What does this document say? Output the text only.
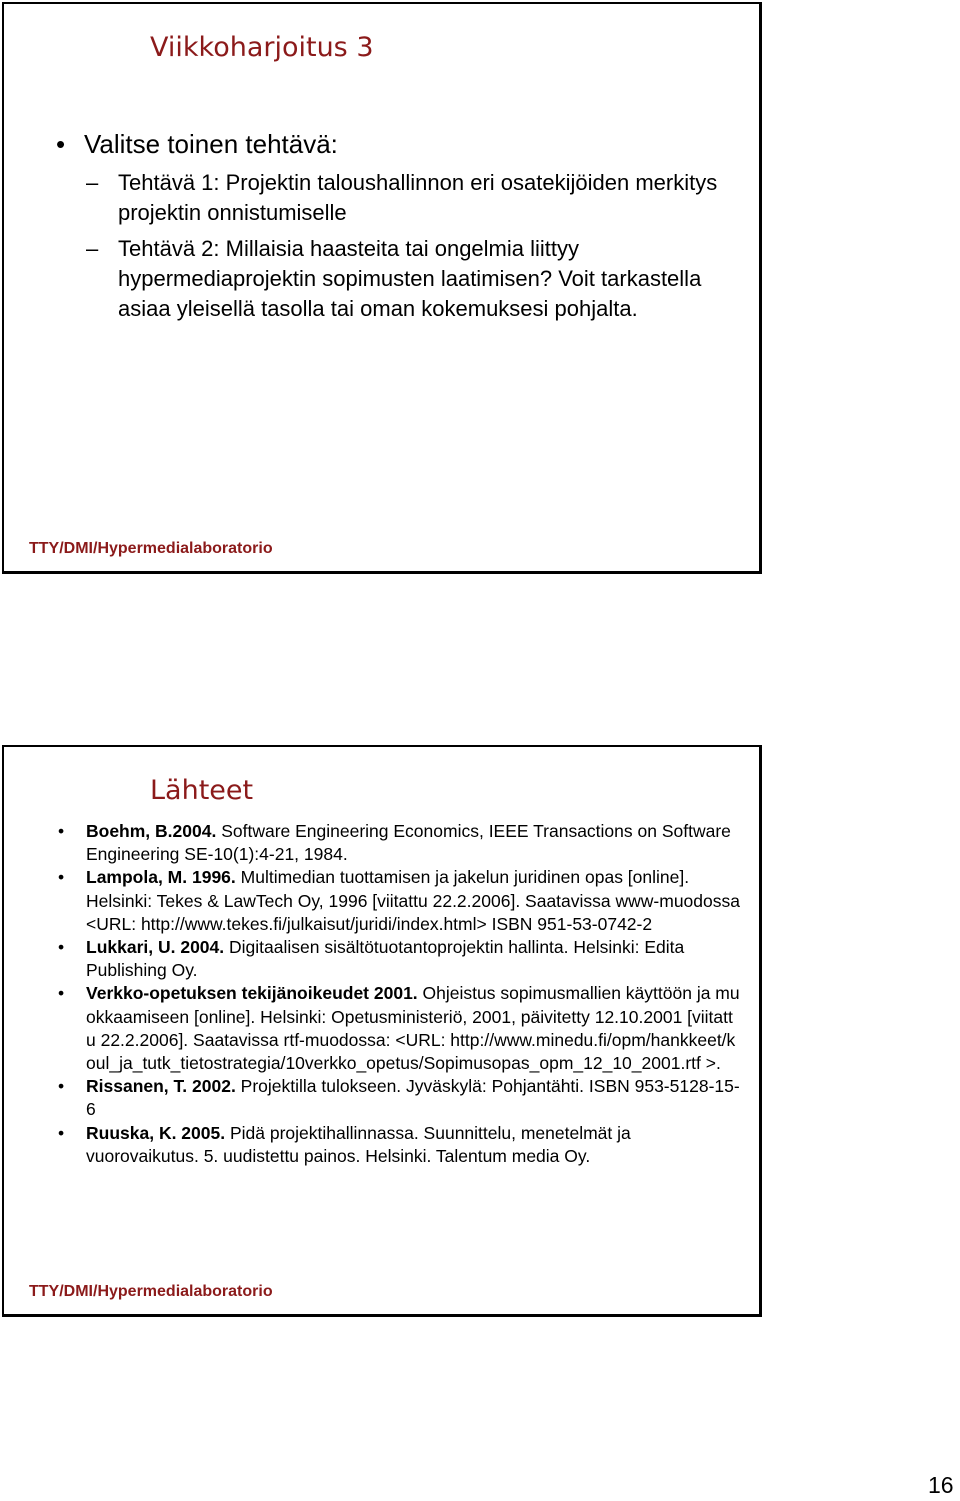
Viikkoharjoitus 3
• Valitse toinen tehtävä:
– Tehtävä 1: Projektin taloushallinnon eri osatekijöiden merkitys projektin onnistumiselle
– Tehtävä 2: Millaisia haasteita tai ongelmia liittyy hypermediaprojektin sopimusten laatimisen? Voit tarkastella asiaa yleisellä tasolla tai oman kokemuksesi pohjalta.
TTY/DMI/Hypermedialaboratorio
Lähteet
• Boehm, B.2004. Software Engineering Economics, IEEE Transactions on Software Engineering SE-10(1):4-21, 1984.
• Lampola, M. 1996. Multimedian tuottamisen ja jakelun juridinen opas [online]. Helsinki: Tekes & LawTech Oy, 1996 [viitattu 22.2.2006]. Saatavissa www-muodossa <URL: http://www.tekes.fi/julkaisut/juridi/index.html> ISBN 951-53-0742-2
• Lukkari, U. 2004. Digitaalisen sisältötuotantoprojektin hallinta. Helsinki: Edita Publishing Oy.
• Verkko-opetuksen tekijänoikeudet 2001. Ohjeistus sopimusmallien käyttöön ja muokkaamiseen [online]. Helsinki: Opetusministeriö, 2001, päivitetty 12.10.2001 [viitattu 22.2.2006]. Saatavissa rtf-muodossa: <URL: http://www.minedu.fi/opm/hankkeet/koul_ja_tutk_tietostrategia/10verkko_opetus/Sopimusopas_opm_12_10_2001.rtf >.
• Rissanen, T. 2002. Projektilla tulokseen. Jyväskylä: Pohjantähti. ISBN 953-5128-15-6
• Ruuska, K. 2005. Pidä projektihallinnassa. Suunnittelu, menetelmät ja vuorovaikutus. 5. uudistettu painos. Helsinki. Talentum media Oy.
TTY/DMI/Hypermedialaboratorio
16
